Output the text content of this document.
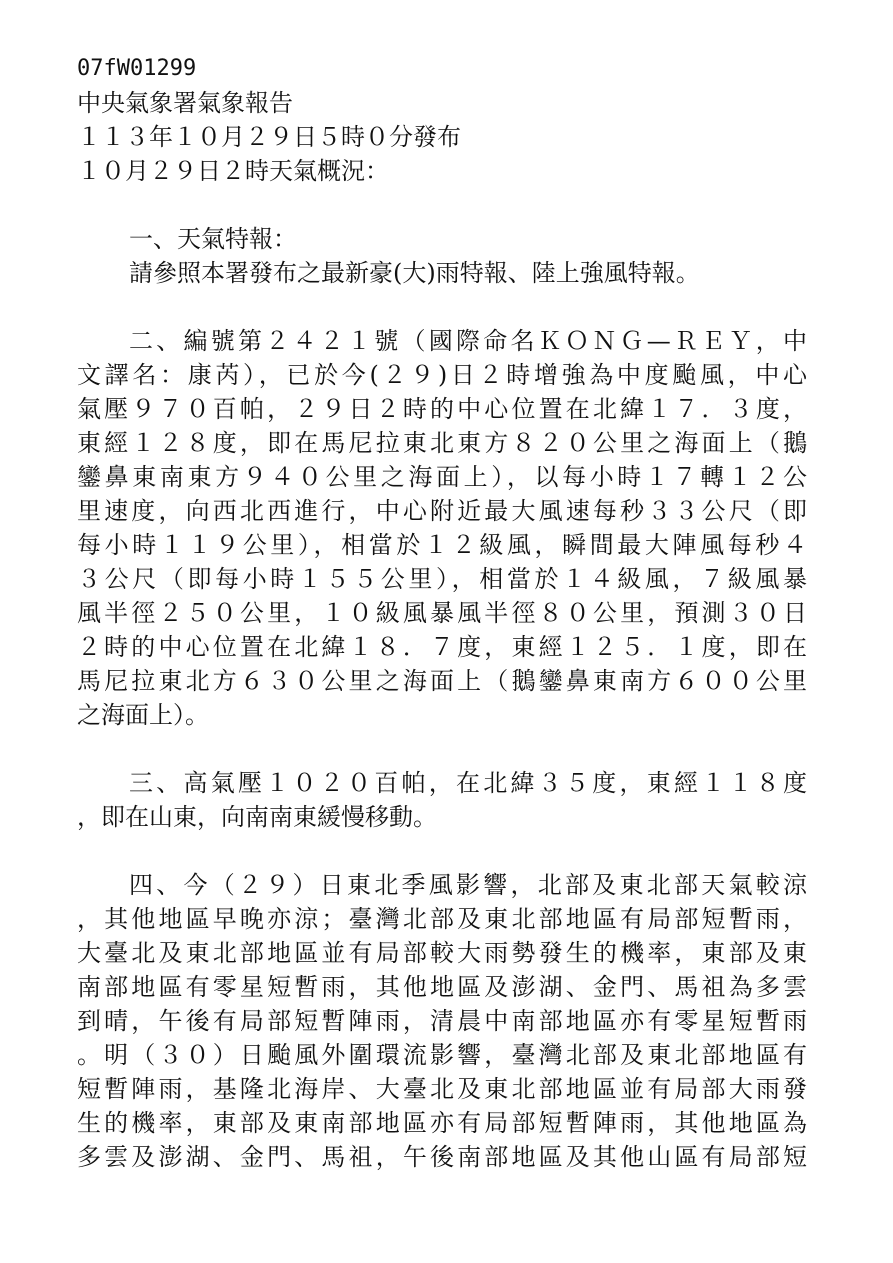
07fW01299
中央氣象署氣象報告
１１３年１０月２９日５時０分發布
１０月２９日２時天氣概況：
一、天氣特報：
請參照本署發布之最新豪(大)雨特報、陸上強風特報。
二、編號第２４２１號（國際命名ＫＯＮＧ—ＲＥＹ，中
文譯名：康芮），已於今(２９)日２時增強為中度颱風，中心
氣壓９７０百帕，２９日２時的中心位置在北緯１７．３度，
東經１２８度，即在馬尼拉東北東方８２０公里之海面上（鵝
鑾鼻東南東方９４０公里之海面上），以每小時１７轉１２公
里速度，向西北西進行，中心附近最大風速每秒３３公尺（即
每小時１１９公里），相當於１２級風，瞬間最大陣風每秒４
３公尺（即每小時１５５公里），相當於１４級風，７級風暴
風半徑２５０公里，１０級風暴風半徑８０公里，預測３０日
２時的中心位置在北緯１８．７度，東經１２５．１度，即在
馬尼拉東北方６３０公里之海面上（鵝鑾鼻東南方６００公里
之海面上）。
三、高氣壓１０２０百帕，在北緯３５度，東經１１８度
，即在山東，向南南東緩慢移動。
四、今（２９）日東北季風影響，北部及東北部天氣較涼
，其他地區早晚亦涼；臺灣北部及東北部地區有局部短暫雨，
大臺北及東北部地區並有局部較大雨勢發生的機率，東部及東
南部地區有零星短暫雨，其他地區及澎湖、金門、馬祖為多雲
到晴，午後有局部短暫陣雨，清晨中南部地區亦有零星短暫雨
。明（３０）日颱風外圍環流影響，臺灣北部及東北部地區有
短暫陣雨，基隆北海岸、大臺北及東北部地區並有局部大雨發
生的機率，東部及東南部地區亦有局部短暫陣雨，其他地區為
多雲及澎湖、金門、馬祖，午後南部地區及其他山區有局部短
